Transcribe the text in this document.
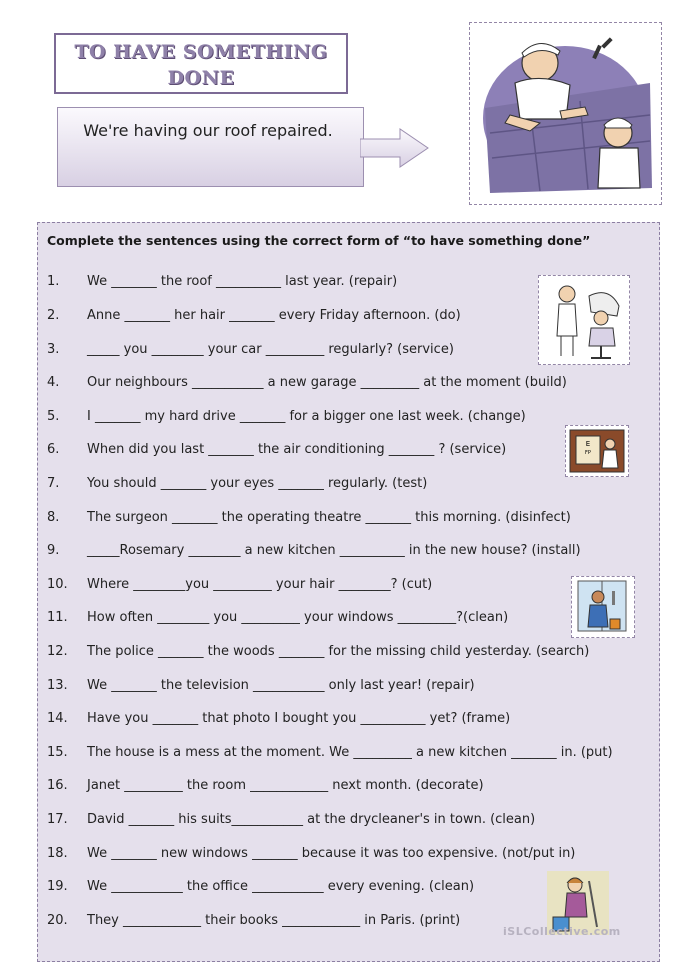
TO HAVE SOMETHING
DONE
We're having our roof repaired.
Complete the sentences using the correct form of “to have something done”
1. We _______ the roof __________ last year. (repair)
2. Anne _______ her hair _______ every Friday afternoon. (do)
3. _____ you ________ your car _________ regularly? (service)
4. Our neighbours ___________ a new garage _________ at the moment (build)
5. I _______ my hard drive _______ for a bigger one last week. (change)
6. When did you last _______ the air conditioning _______ ? (service)
7. You should _______ your eyes _______ regularly. (test)
8. The surgeon _______ the operating theatre _______ this morning. (disinfect)
9. _____Rosemary ________ a new kitchen __________ in the new house? (install)
10. Where ________you _________ your hair ________? (cut)
11. How often ________ you _________ your windows _________?(clean)
12. The police _______ the woods _______ for the missing child yesterday. (search)
13. We _______ the television ___________ only last year! (repair)
14. Have you _______ that photo I bought you __________ yet? (frame)
15. The house is a mess at the moment. We _________ a new kitchen _______ in. (put)
16. Janet _________ the room ____________ next month. (decorate)
17. David _______ his suits___________ at the drycleaner's in town. (clean)
18. We _______ new windows _______ because it was too expensive. (not/put in)
19. We ___________ the office ___________ every evening. (clean)
20. They ____________ their books ____________ in Paris. (print)
E
FP
iSLCollective.com
